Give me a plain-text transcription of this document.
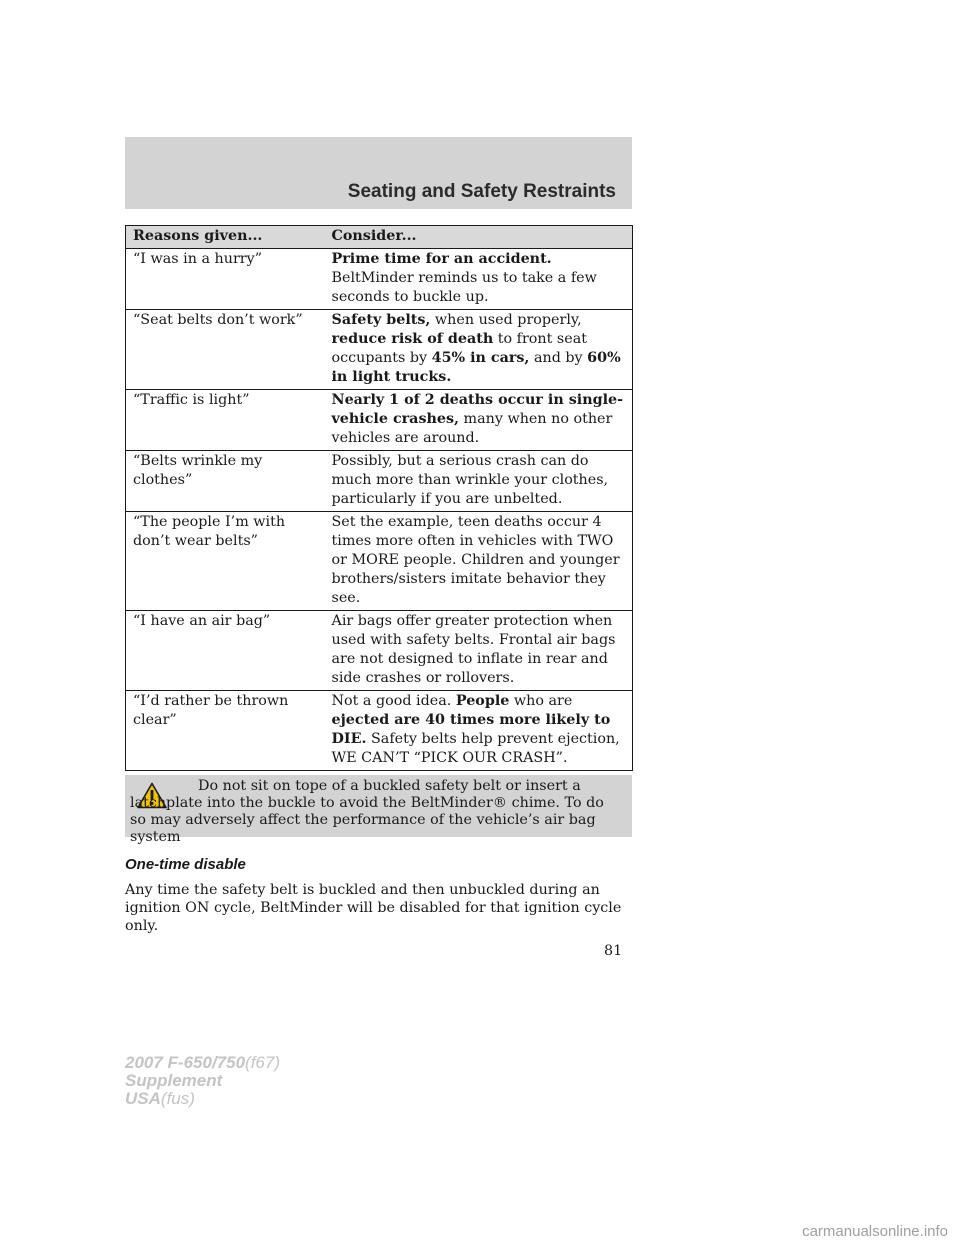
Seating and Safety Restraints
Reasons given...	Consider...
“I was in a hurry”	Prime time for an accident. BeltMinder reminds us to take a few seconds to buckle up.
“Seat belts don’t work”	Safety belts, when used properly, reduce risk of death to front seat occupants by 45% in cars, and by 60% in light trucks.
“Traffic is light”	Nearly 1 of 2 deaths occur in single-vehicle crashes, many when no other vehicles are around.
“Belts wrinkle my clothes”	Possibly, but a serious crash can do much more than wrinkle your clothes, particularly if you are unbelted.
“The people I’m with don’t wear belts”	Set the example, teen deaths occur 4 times more often in vehicles with TWO or MORE people. Children and younger brothers/sisters imitate behavior they see.
“I have an air bag”	Air bags offer greater protection when used with safety belts. Frontal air bags are not designed to inflate in rear and side crashes or rollovers.
“I’d rather be thrown clear”	Not a good idea. People who are ejected are 40 times more likely to DIE. Safety belts help prevent ejection, WE CAN’T “PICK OUR CRASH”.
Do not sit on tope of a buckled safety belt or insert a latchplate into the buckle to avoid the BeltMinder® chime. To do so may adversely affect the performance of the vehicle’s air bag system
One-time disable
Any time the safety belt is buckled and then unbuckled during an ignition ON cycle, BeltMinder will be disabled for that ignition cycle only.
81
2007 F-650/750(f67)
Supplement
USA(fus)
carmanualsonline.info
